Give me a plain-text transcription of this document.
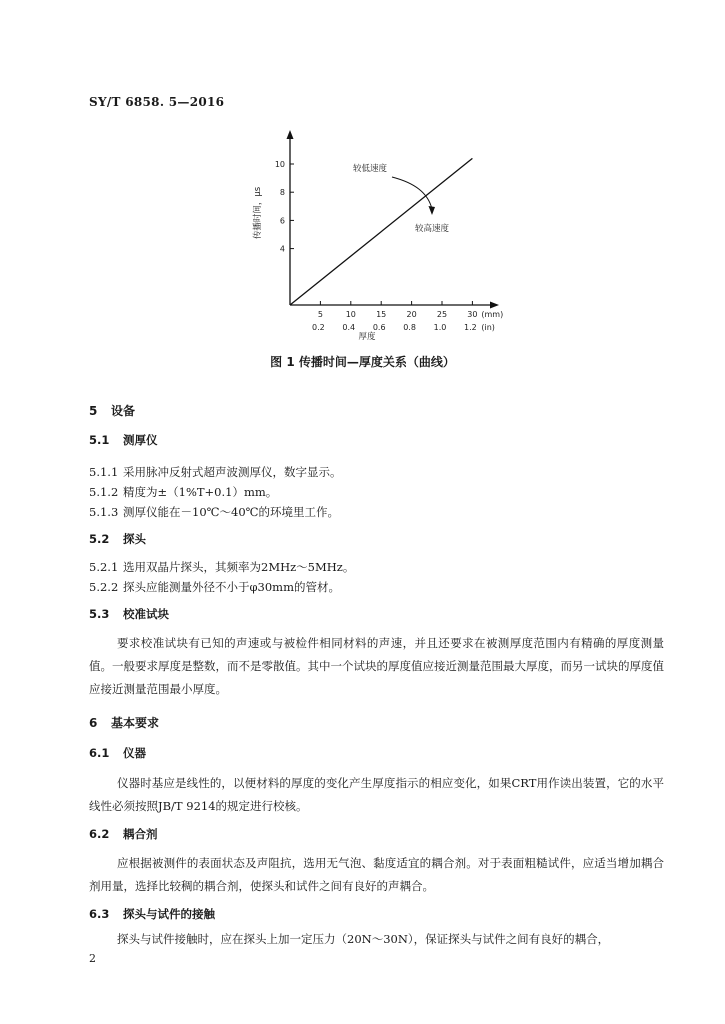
SY/T 6858. 5—2016
4
6
8
10
5
0.2
10
0.4
15
0.6
20
0.8
25
1.0
30
1.2
(mm)
(in)
传播时间，μs
厚度
较低速度
较高速度
图 1 传播时间—厚度关系（曲线）
5 设备
5.1 测厚仪
5.1.1 采用脉冲反射式超声波测厚仪，数字显示。
5.1.2 精度为±（1%T+0.1）mm。
5.1.3 测厚仪能在－10℃～40℃的环境里工作。
5.2 探头
5.2.1 选用双晶片探头，其频率为2MHz～5MHz。
5.2.2 探头应能测量外径不小于φ30mm的管材。
5.3 校准试块
要求校准试块有已知的声速或与被检件相同材料的声速，并且还要求在被测厚度范围内有精确的厚度测量值。一般要求厚度是整数，而不是零散值。其中一个试块的厚度值应接近测量范围最大厚度，而另一试块的厚度值应接近测量范围最小厚度。
6 基本要求
6.1 仪器
仪器时基应是线性的，以便材料的厚度的变化产生厚度指示的相应变化，如果CRT用作读出装置，它的水平线性必须按照JB/T 9214的规定进行校核。
6.2 耦合剂
应根据被测件的表面状态及声阻抗，选用无气泡、黏度适宜的耦合剂。对于表面粗糙试件，应适当增加耦合剂用量，选择比较稠的耦合剂，使探头和试件之间有良好的声耦合。
6.3 探头与试件的接触
探头与试件接触时，应在探头上加一定压力（20N～30N），保证探头与试件之间有良好的耦合，
2
